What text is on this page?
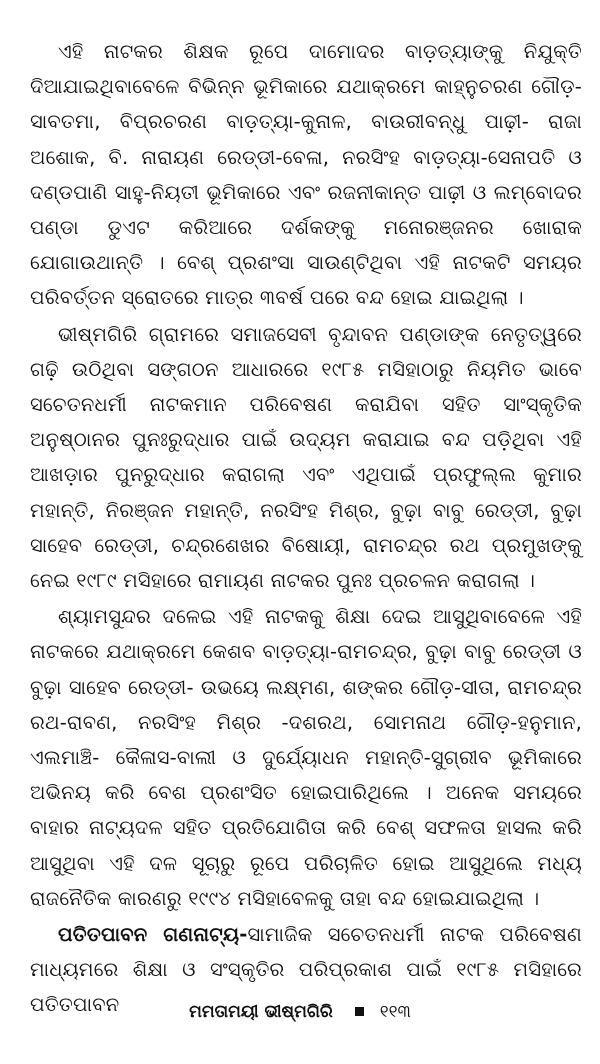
ଏହି ନାଟକର ଶିକ୍ଷକ ରୂପେ ଦାମୋଦର ବାଡ଼ତ୍ୟାଙ୍କୁ ନିଯୁକ୍ତି ଦିଆଯାଇଥିବାବେଳେ ବିଭିନ୍ନ ଭୂମିକାରେ ଯଥାକ୍ରମେ କାହ୍ନୁଚରଣ ଗୌଡ଼-ସାବତମା, ବିପ୍ରଚରଣ ବାଡ଼ତ୍ୟା-କୁନାଳ, ବାଉରୀବନ୍ଧୁ ପାଢ଼ୀ- ରାଜା ଅଶୋକ, ବି. ନାରାୟଣ ରେଡ୍ଡୀ-ବେଳା, ନରସିଂହ ବାଡ଼ତ୍ୟା-ସେନାପତି ଓ ଦଣ୍ଡପାଣି ସାହୁ-ନିୟତୀ ଭୂମିକାରେ ଏବଂ ରଜନୀକାନ୍ତ ପାଢ଼ୀ ଓ ଲମ୍ବୋଦର ପଣ୍ଡା ଡୁଏଟ କରିଆରେ ଦର୍ଶକଙ୍କୁ ମନୋରଞ୍ଜନର ଖୋରାକ ଯୋଗାଉଥାନ୍ତି । ବେଶ୍ ପ୍ରଶଂସା ସାଉଣ୍ଟିଥିବା ଏହି ନାଟକଟି ସମୟର ପରିବର୍ତ୍ତନ ସ୍ରୋତରେ ମାତ୍ର ୩ବର୍ଷ ପରେ ବନ୍ଦ ହୋଇ ଯାଇଥିଲା ।

ଭୀଷ୍ମଗିରି ଗ୍ରାମରେ ସମାଜସେବୀ ବୃନ୍ଦାବନ ପଣ୍ଡାଙ୍କ ନେତୃତ୍ୱରେ ଗଢ଼ି ଉଠିଥିବା ସଙ୍ଗଠନ ଆଧାରରେ ୧୯୮୫ ମସିହାଠାରୁ ନିୟମିତ ଭାବେ ସଚେତନଧର୍ମୀ ନାଟକମାନ ପରିବେଷଣ କରାଯିବା ସହିତ ସାଂସ୍କୃତିକ ଅନୁଷ୍ଠାନର ପୁନଃରୁଦ୍ଧାର ପାଇଁ ଉଦ୍ୟମ କରାଯାଇ ବନ୍ଦ ପଡ଼ିଥିବା ଏହି ଆଖଡ଼ାର ପୁନରୁଦ୍ଧାର କରାଗଲା ଏବଂ ଏଥିପାଇଁ ପ୍ରଫୁଲ୍ଲ କୁମାର ମହାନ୍ତି, ନିରଞ୍ଜନ ମହାନ୍ତି, ନରସିଂହ ମିଶ୍ର, ବୁଢ଼ା ବାବୁ ରେଡ୍ଡୀ, ବୁଢ଼ା ସାହେବ ରେଡ୍ଡୀ, ଚନ୍ଦ୍ରଶେଖର ବିଷୋୟୀ, ରାମଚନ୍ଦ୍ର ରଥ ପ୍ରମୁଖଙ୍କୁ ନେଇ ୧୯୮୯ ମସିହାରେ ରାମାୟଣ ନାଟକର ପୁନଃ ପ୍ରଚଳନ କରାଗଲା ।

ଶ୍ୟାମସୁନ୍ଦର ଦଳେଇ ଏହି ନାଟକକୁ ଶିକ୍ଷା ଦେଇ ଆସୁଥିବାବେଳେ ଏହି ନାଟକରେ ଯଥାକ୍ରମେ କେଶବ ବାଡ଼ତ୍ୟା-ରାମଚନ୍ଦ୍ର, ବୁଢ଼ା ବାବୁ ରେଡ୍ଡୀ ଓ ବୁଢ଼ା ସାହେବ ରେଡ୍ଡୀ- ଉଭୟେ ଲକ୍ଷ୍ମଣ, ଶଙ୍କର ଗୌଡ଼-ସୀତା, ରାମଚନ୍ଦ୍ର ରଥ-ରାବଣ, ନରସିଂହ ମିଶ୍ର -ଦଶରଥ, ସୋମନାଥ ଗୌଡ଼-ହନୁମାନ, ଏଲମାଞ୍ଚି- କୈଳାସ-ବାଲୀ ଓ ଦୁର୍ଯ୍ୟୋଧନ ମହାନ୍ତି-ସୁଗ୍ରୀବ ଭୂମିକାରେ ଅଭିନୟ କରି ବେଶ ପ୍ରଶଂସିତ ହୋଇପାରିଥିଲେ । ଅନେକ ସମୟରେ ବାହାର ନାଟ୍ୟଦଳ ସହିତ ପ୍ରତିଯୋଗିତା କରି ବେଶ୍ ସଫଳତା ହାସଲ କରି ଆସୁଥିବା ଏହି ଦଳ ସୂଚାରୁ ରୂପେ ପରିଚାଳିତ ହୋଇ ଆସୁଥିଲେ ମଧ୍ୟ ରାଜନୈତିକ କାରଣରୁ ୧୯୯୪ ମସିହାବେଳକୁ ତାହା ବନ୍ଦ ହୋଇଯାଇଥିଲା ।

ପତିତପାବନ ଗଣନାଟ୍ୟ-ସାମାଜିକ ସଚେତନଧର୍ମୀ ନାଟକ ପରିବେଷଣ ମାଧ୍ୟମରେ ଶିକ୍ଷା ଓ ସଂସ୍କୃତିର ପରିପ୍ରକାଶ ପାଇଁ ୧୯୮୫ ମସିହାରେ ପତିତପାବନ	ମମତାମୟୀ ଭୀଷ୍ମଗିରି	୧୧୩
